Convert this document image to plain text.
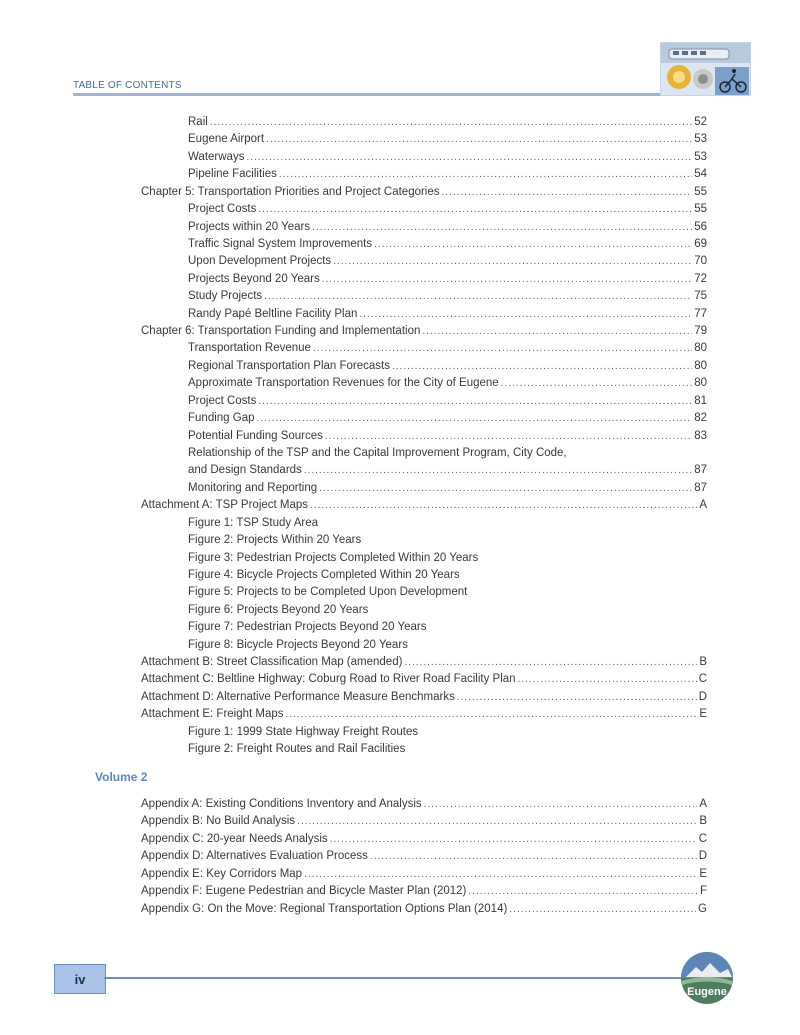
TABLE OF CONTENTS
Rail .....	52
Eugene Airport .....	53
Waterways .....	53
Pipeline Facilities .....	54
Chapter 5: Transportation Priorities and Project Categories .....	55
Project Costs .....	55
Projects within 20 Years .....	56
Traffic Signal System Improvements .....	69
Upon Development Projects .....	70
Projects Beyond 20 Years .....	72
Study Projects .....	75
Randy Papé Beltline Facility Plan .....	77
Chapter 6: Transportation Funding and Implementation .....	79
Transportation Revenue .....	80
Regional Transportation Plan Forecasts .....	80
Approximate Transportation Revenues for the City of Eugene .....	80
Project Costs .....	81
Funding Gap .....	82
Potential Funding Sources .....	83
Relationship of the TSP and the Capital Improvement Program, City Code,
and Design Standards .....	87
Monitoring and Reporting .....	87
Attachment A: TSP Project Maps .....	A
Figure 1: TSP Study Area
Figure 2: Projects Within 20 Years
Figure 3: Pedestrian Projects Completed Within 20 Years
Figure 4: Bicycle Projects Completed Within 20 Years
Figure 5: Projects to be Completed Upon Development
Figure 6: Projects Beyond 20 Years
Figure 7: Pedestrian Projects Beyond 20 Years
Figure 8: Bicycle Projects Beyond 20 Years
Attachment B: Street Classification Map (amended) .....	B
Attachment C: Beltline Highway: Coburg Road to River Road Facility Plan .....	C
Attachment D: Alternative Performance Measure Benchmarks .....	D
Attachment E: Freight Maps .....	E
Figure 1: 1999 State Highway Freight Routes
Figure 2: Freight Routes and Rail Facilities
Volume 2
Appendix A: Existing Conditions Inventory and Analysis .....	A
Appendix B: No Build Analysis .....	B
Appendix C: 20-year Needs Analysis .....	C
Appendix D: Alternatives Evaluation Process .....	D
Appendix E: Key Corridors Map .....	E
Appendix F: Eugene Pedestrian and Bicycle Master Plan (2012) .....	F
Appendix G: On the Move: Regional Transportation Options Plan (2014) .....	G
iv
Eugene
